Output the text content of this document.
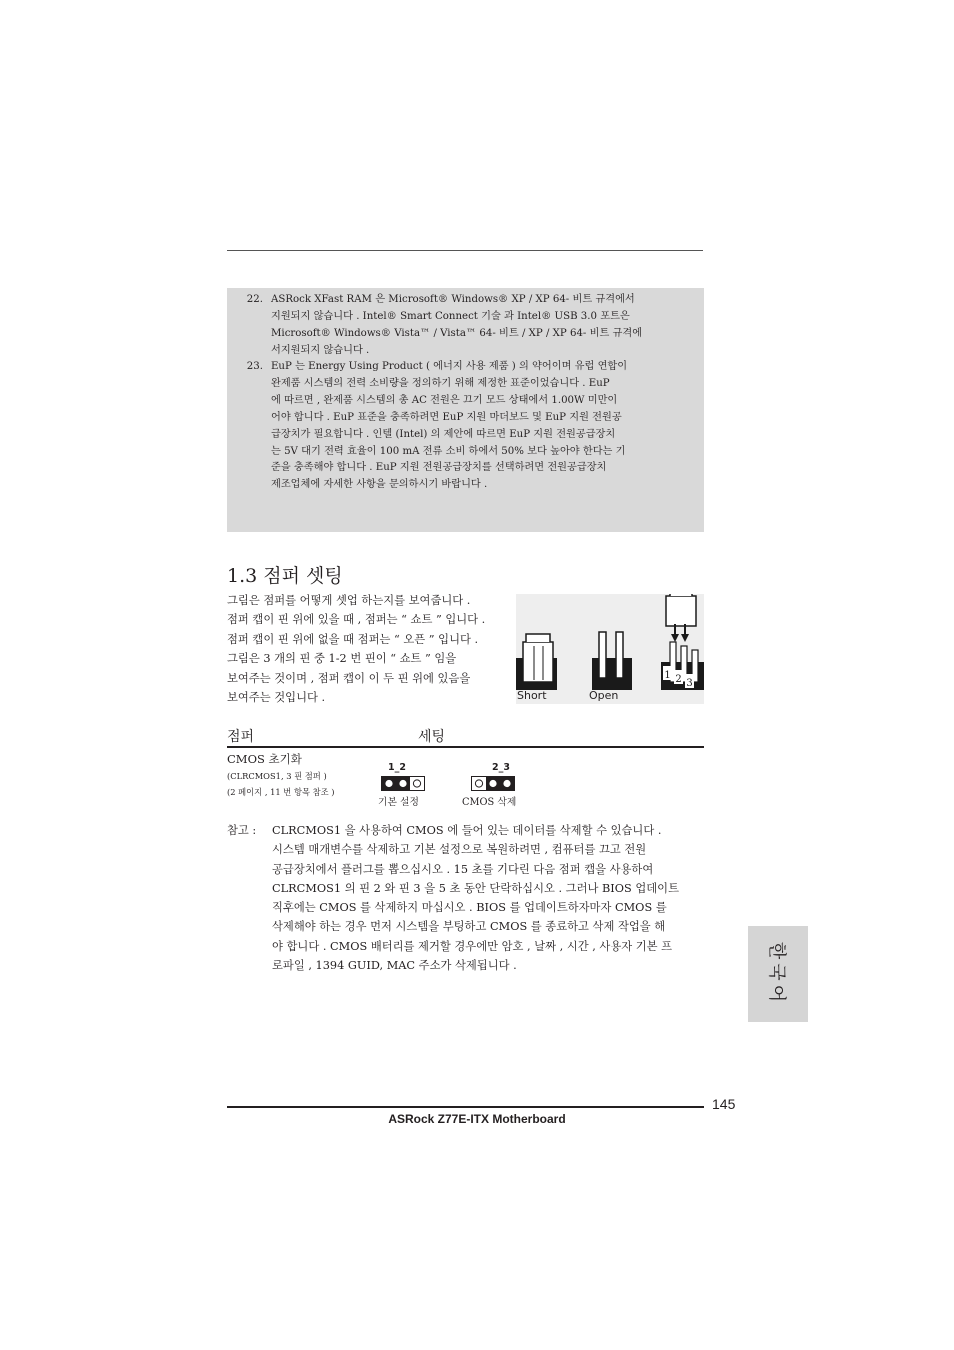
22. ASRock XFast RAM 은 Microsoft® Windows® XP / XP 64- 비트 규격에서

지원되지 않습니다 . Intel® Smart Connect 기술 과 Intel® USB 3.0 포트은

Microsoft® Windows® Vista™ / Vista™ 64- 비트 / XP / XP 64- 비트 규격에

서지원되지 않습니다 .

23. EuP 는 Energy Using Product ( 에너지 사용 제품 ) 의 약어이며 유럽 연합이

완제품 시스템의 전력 소비량을 정의하기 위해 제정한 표준이었습니다 . EuP

에 따르면 , 완제품 시스템의 총 AC 전원은 끄기 모드 상태에서 1.00W 미만이

어야 합니다 . EuP 표준을 충족하려면 EuP 지원 마더보드 및 EuP 지원 전원공

급장치가 필요합니다 . 인텔 (Intel) 의 제안에 따르면 EuP 지원 전원공급장치

는 5V 대기 전력 효율이 100 mA 전류 소비 하에서 50% 보다 높아야 한다는 기

준을 충족해야 합니다 . EuP 지원 전원공급장치를 선택하려면 전원공급장치

제조업체에 자세한 사항을 문의하시기 바랍니다 .

1.3 점퍼 셋팅

그림은 점퍼를 어떻게 셋업 하는지를 보여줍니다 .

점퍼 캡이 핀 위에 있을 때 , 점퍼는 “ 쇼트 ” 입니다 .

점퍼 캡이 핀 위에 없을 때 점퍼는 “ 오픈 ” 입니다 .

그림은 3 개의 핀 중 1-2 번 핀이 “ 쇼트 ” 임을

보여주는 것이며 , 점퍼 캡이 이 두 핀 위에 있음을

보여주는 것입니다 .

1 2 3
Short	Open
점퍼	세팅
CMOS 초기화
(CLRCMOS1, 3 핀 점퍼 )
(2 페이지 , 11 번 항목 참조 )
1_2	2_3
기본 설정	CMOS 삭제
참고 : CLRCMOS1 을 사용하여 CMOS 에 들어 있는 데이터를 삭제할 수 있습니다 .

시스템 매개변수를 삭제하고 기본 설정으로 복원하려면 , 컴퓨터를 끄고 전원

공급장치에서 플러그를 뽑으십시오 . 15 초를 기다린 다음 점퍼 캡을 사용하여

CLRCMOS1 의 핀 2 와 핀 3 을 5 초 동안 단락하십시오 . 그러나 BIOS 업데이트

직후에는 CMOS 를 삭제하지 마십시오 . BIOS 를 업데이트하자마자 CMOS 를

삭제해야 하는 경우 먼저 시스템을 부팅하고 CMOS 를 종료하고 삭제 작업을 해

야 합니다 . CMOS 배터리를 제거할 경우에만 암호 , 날짜 , 시간 , 사용자 기본 프

로파일 , 1394 GUID, MAC 주소가 삭제됩니다 .	한국어
145
ASRock Z77E-ITX Motherboard
